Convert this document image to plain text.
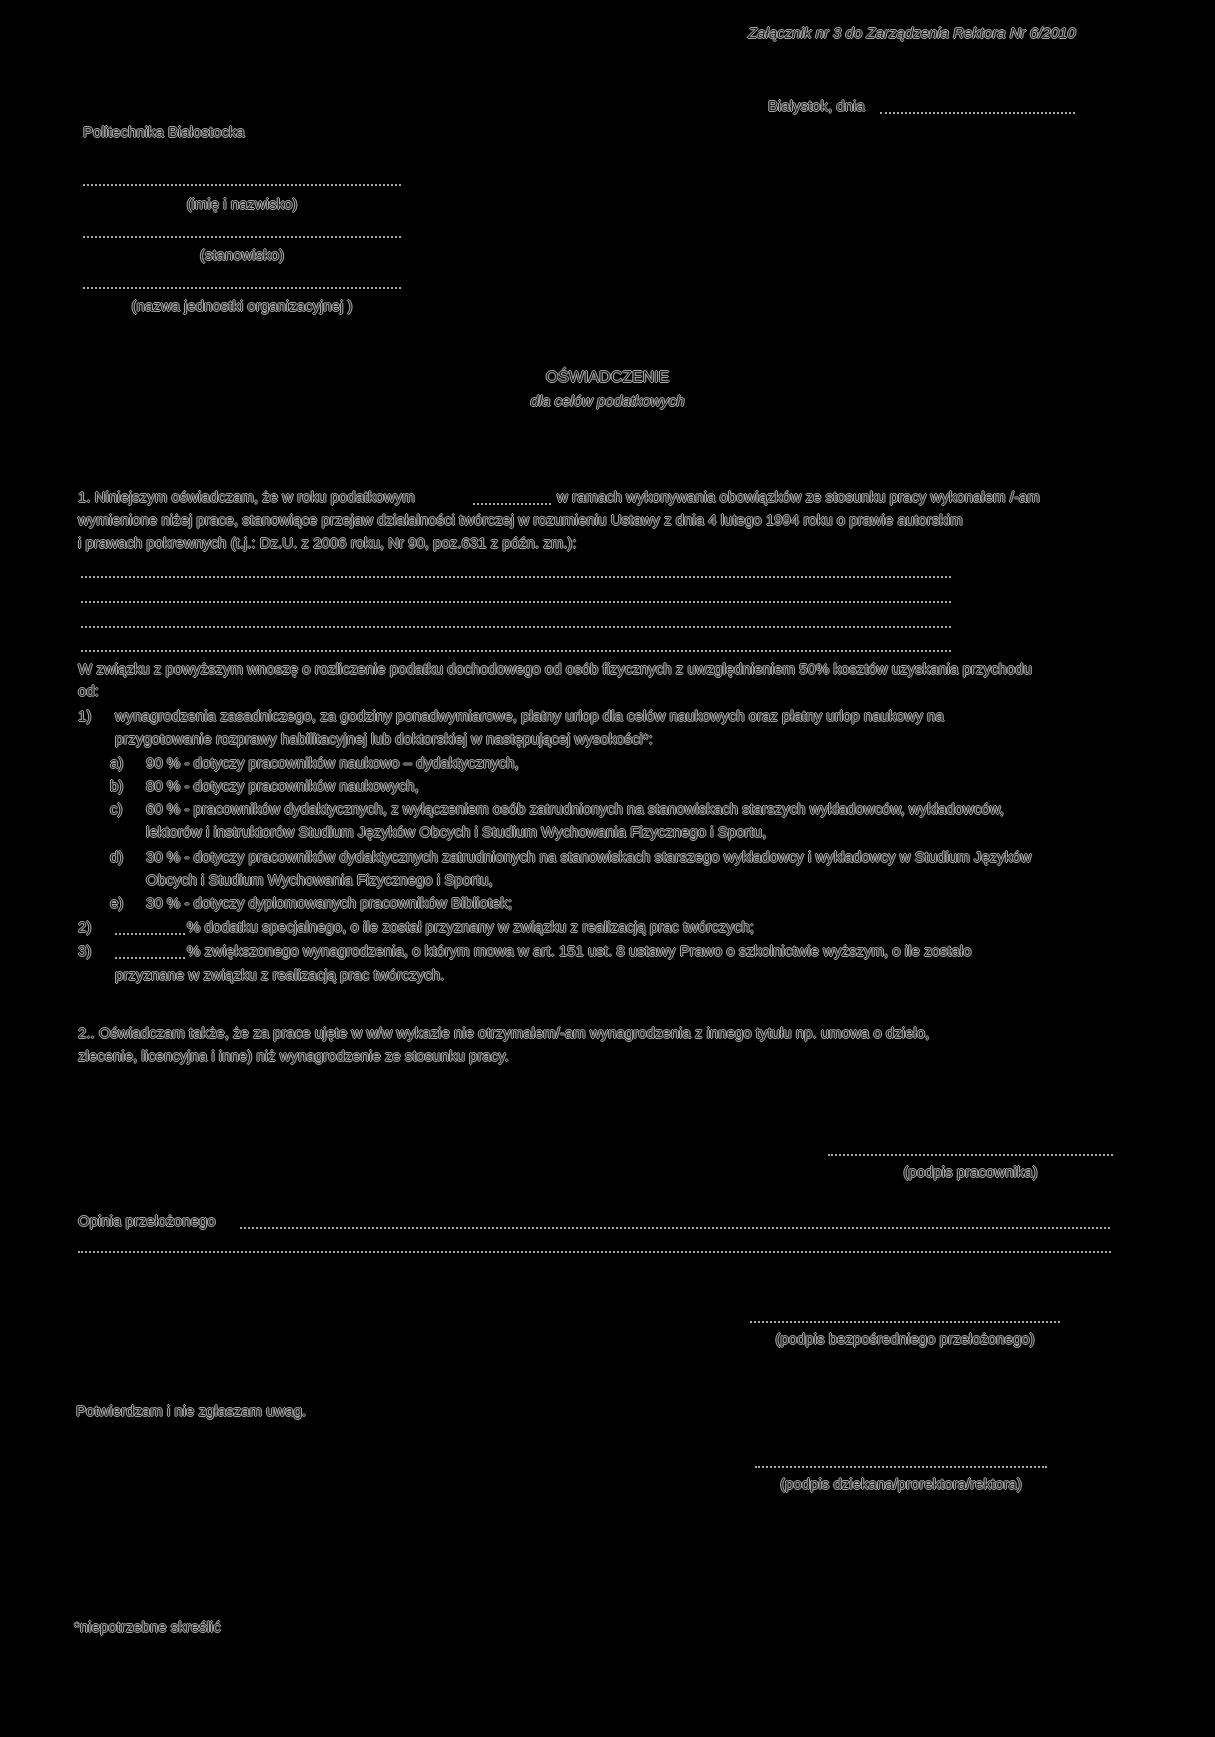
Załącznik nr 3 do Zarządzenia Rektora Nr 6/2010
Białystok, dnia
Politechnika Białostocka
(imię i nazwisko)
(stanowisko)
(nazwa jednostki organizacyjnej )
OŚWIADCZENIE
dla celów podatkowych
1. Niniejszym oświadczam, że w roku podatkowym	w ramach wykonywania obowiązków ze stosunku pracy wykonałem /-am
wymienione niżej prace, stanowiące przejaw działalności twórczej w rozumieniu Ustawy z dnia 4 lutego 1994 roku o prawie autorskim
i prawach pokrewnych (t.j.: Dz.U. z 2006 roku, Nr 90, poz.631 z późn. zm.):
W związku z powyższym wnoszę o rozliczenie podatku dochodowego od osób fizycznych z uwzględnieniem 50% kosztów uzyskania przychodu
od:
1) wynagrodzenia zasadniczego, za godziny ponadwymiarowe, płatny urlop dla celów naukowych oraz płatny urlop naukowy na
przygotowanie rozprawy habilitacyjnej lub doktorskiej w następującej wysokości*:
a) 90 % - dotyczy pracowników naukowo – dydaktycznych,
b) 80 % - dotyczy pracowników naukowych,
c) 60 % - pracowników dydaktycznych, z wyłączeniem osób zatrudnionych na stanowiskach starszych wykładowców, wykładowców,
lektorów i instruktorów Studium Języków Obcych i Studium Wychowania Fizycznego i Sportu,
d) 30 % - dotyczy pracowników dydaktycznych zatrudnionych na stanowiskach starszego wykładowcy i wykładowcy w Studium Języków
Obcych i Studium Wychowania Fizycznego i Sportu,
e) 30 % - dotyczy dyplomowanych pracowników Bibliotek;
2)	% dodatku specjalnego, o ile został przyznany w związku z realizacją prac twórczych;
3)	% zwiększonego wynagrodzenia, o którym mowa w art. 151 ust. 8 ustawy Prawo o szkolnictwie wyższym, o ile zostało
przyznane w związku z realizacją prac twórczych.
2.. Oświadczam także, że za prace ujęte w w/w wykazie nie otrzymałem/-am wynagrodzenia z innego tytułu np. umowa o dzieło,
zlecenie, licencyjna i inne) niż wynagrodzenie ze stosunku pracy.
(podpis pracownika)
Opinia przełożonego
(podpis bezpośredniego przełożonego)
Potwierdzam i nie zgłaszam uwag.
(podpis dziekana/prorektora/rektora)
*niepotrzebne skreślić
